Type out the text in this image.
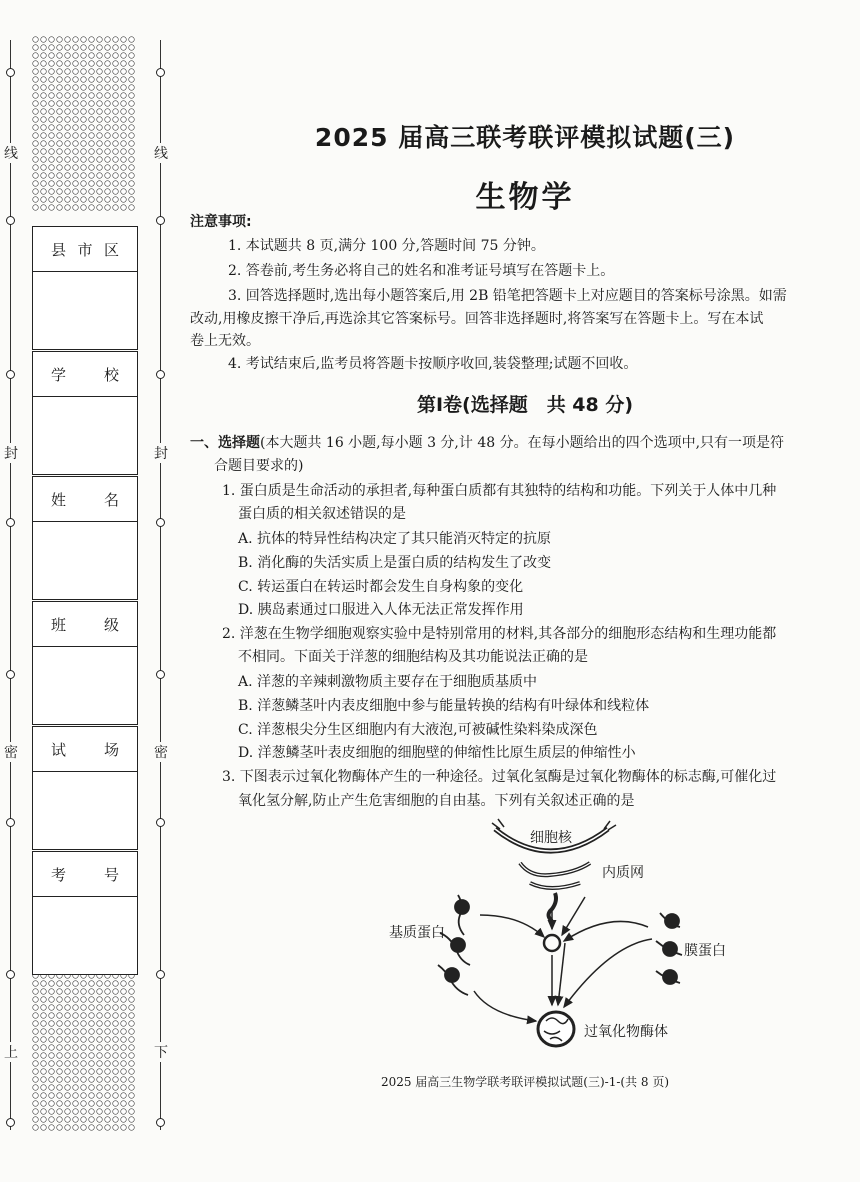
线	线
封	封
密	密
上	下
县 市 区
学	校
姓	名
班	级
试	场
考	号
2025 届高三联考联评模拟试题(三)
生物学
注意事项:
1. 本试题共 8 页,满分 100 分,答题时间 75 分钟。
2. 答卷前,考生务必将自己的姓名和准考证号填写在答题卡上。
3. 回答选择题时,选出每小题答案后,用 2B 铅笔把答题卡上对应题目的答案标号涂黑。如需
改动,用橡皮擦干净后,再选涂其它答案标号。回答非选择题时,将答案写在答题卡上。写在本试
卷上无效。
4. 考试结束后,监考员将答题卡按顺序收回,装袋整理;试题不回收。
第Ⅰ卷(选择题　共 48 分)
一、选择题(本大题共 16 小题,每小题 3 分,计 48 分。在每小题给出的四个选项中,只有一项是符
合题目要求的)
1. 蛋白质是生命活动的承担者,每种蛋白质都有其独特的结构和功能。下列关于人体中几种
蛋白质的相关叙述错误的是
A. 抗体的特异性结构决定了其只能消灭特定的抗原
B. 消化酶的失活实质上是蛋白质的结构发生了改变
C. 转运蛋白在转运时都会发生自身构象的变化
D. 胰岛素通过口服进入人体无法正常发挥作用
2. 洋葱在生物学细胞观察实验中是特别常用的材料,其各部分的细胞形态结构和生理功能都
不相同。下面关于洋葱的细胞结构及其功能说法正确的是
A. 洋葱的辛辣刺激物质主要存在于细胞质基质中
B. 洋葱鳞茎叶内表皮细胞中参与能量转换的结构有叶绿体和线粒体
C. 洋葱根尖分生区细胞内有大液泡,可被碱性染料染成深色
D. 洋葱鳞茎叶表皮细胞的细胞壁的伸缩性比原生质层的伸缩性小
3. 下图表示过氧化物酶体产生的一种途径。过氧化氢酶是过氧化物酶体的标志酶,可催化过
氧化氢分解,防止产生危害细胞的自由基。下列有关叙述正确的是
细胞核
内质网
基质蛋白
膜蛋白
过氧化物酶体
2025 届高三生物学联考联评模拟试题(三)-1-(共 8 页)
